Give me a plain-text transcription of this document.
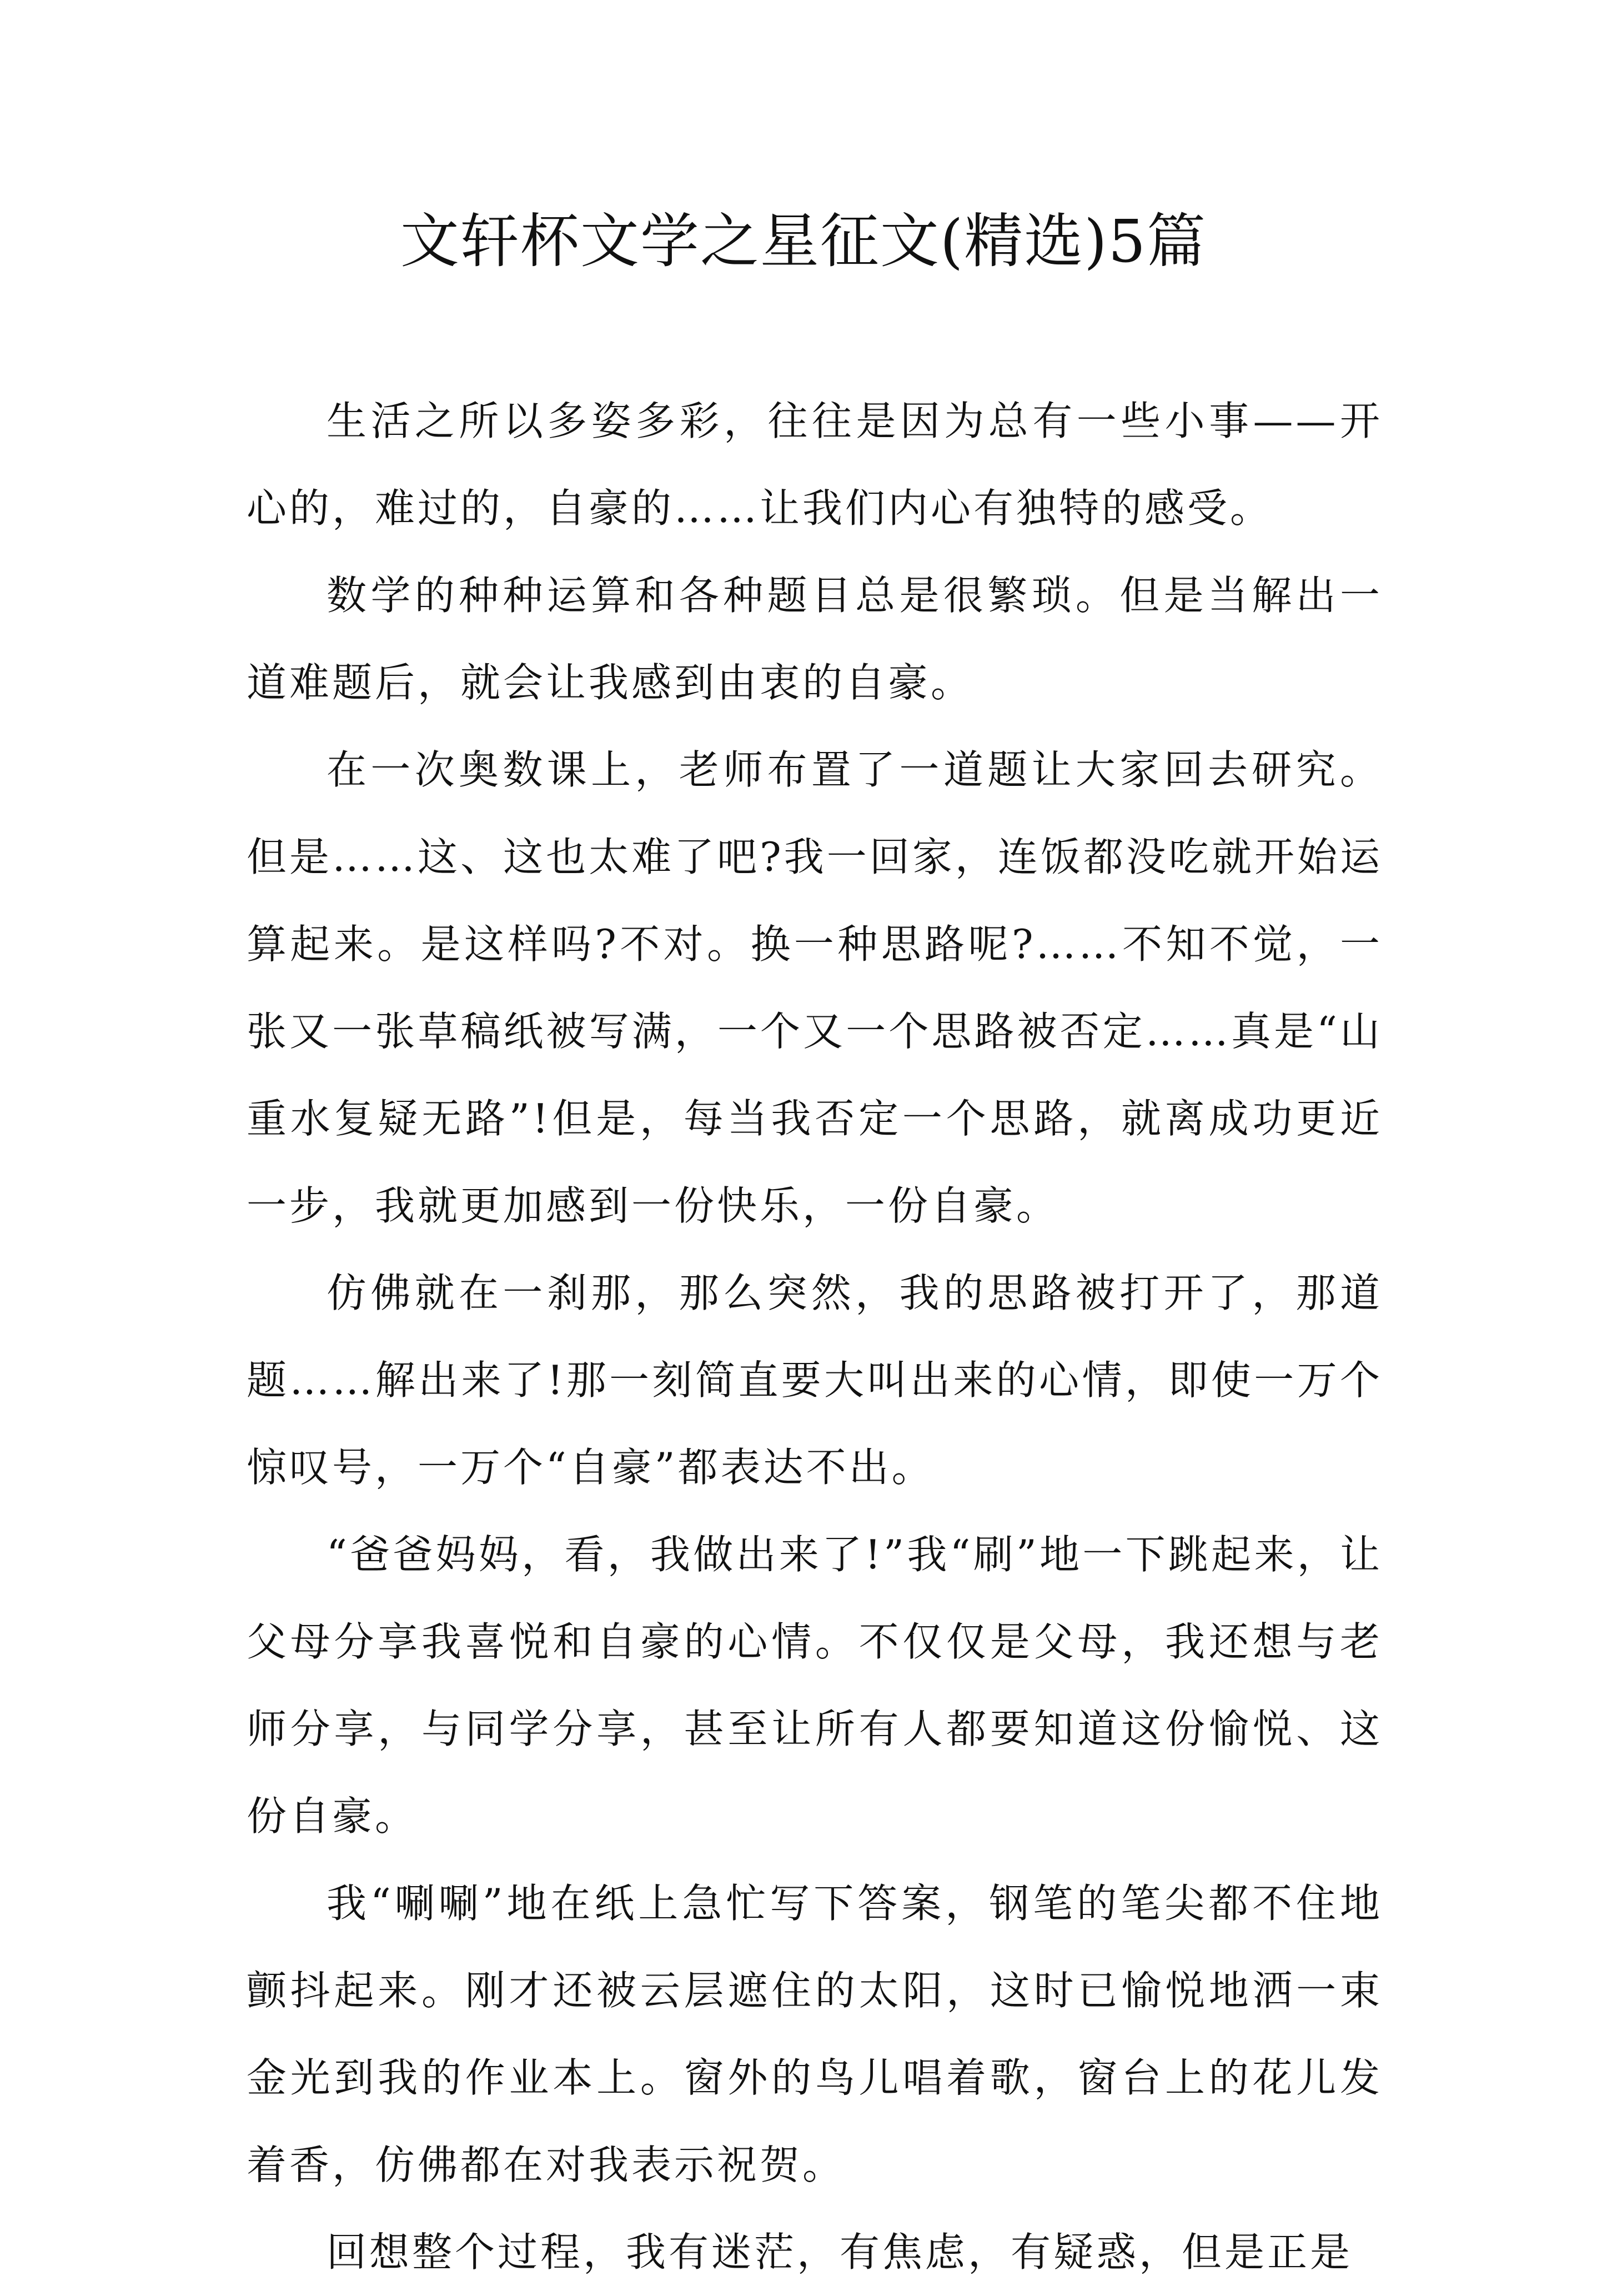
文轩杯文学之星征文(精选)5篇

生活之所以多姿多彩，往往是因为总有一些小事——开心的，难过的，自豪的……让我们内心有独特的感受。

数学的种种运算和各种题目总是很繁琐。但是当解出一道难题后，就会让我感到由衷的自豪。

在一次奥数课上，老师布置了一道题让大家回去研究。但是……这、这也太难了吧?我一回家，连饭都没吃就开始运算起来。是这样吗?不对。换一种思路呢?……不知不觉，一张又一张草稿纸被写满，一个又一个思路被否定……真是“山重水复疑无路”!但是，每当我否定一个思路，就离成功更近一步，我就更加感到一份快乐，一份自豪。

仿佛就在一刹那，那么突然，我的思路被打开了，那道题……解出来了!那一刻简直要大叫出来的心情，即使一万个惊叹号，一万个“自豪”都表达不出。

“爸爸妈妈，看，我做出来了!”我“刷”地一下跳起来，让父母分享我喜悦和自豪的心情。不仅仅是父母，我还想与老师分享，与同学分享，甚至让所有人都要知道这份愉悦、这份自豪。

我“唰唰”地在纸上急忙写下答案，钢笔的笔尖都不住地颤抖起来。刚才还被云层遮住的太阳，这时已愉悦地洒一束金光到我的作业本上。窗外的鸟儿唱着歌，窗台上的花儿发着香，仿佛都在对我表示祝贺。

回想整个过程，我有迷茫，有焦虑，有疑惑，但是正是
